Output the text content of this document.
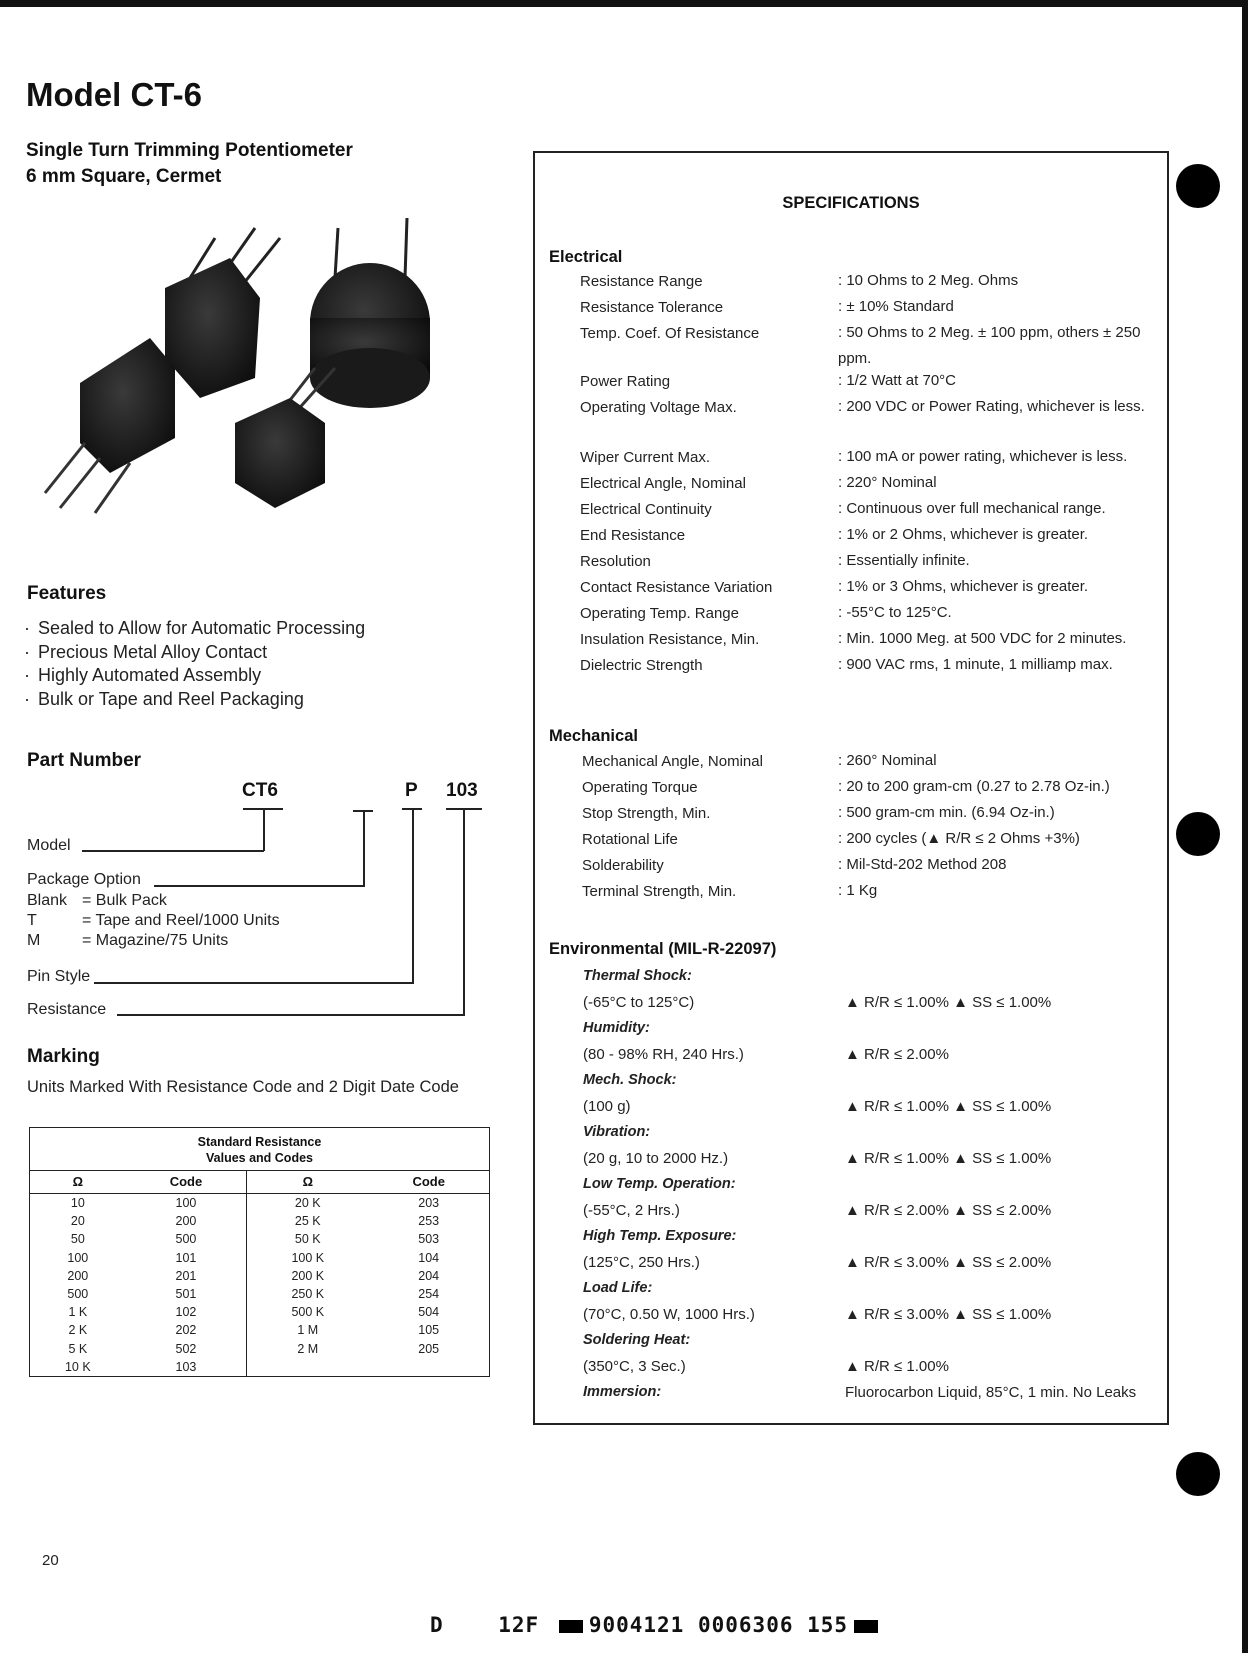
Model CT-6
Single Turn Trimming Potentiometer
6 mm Square, Cermet
Features
· Sealed to Allow for Automatic Processing
· Precious Metal Alloy Contact
· Highly Automated Assembly
· Bulk or Tape and Reel Packaging
Part Number
CT6	P 103
Model
Package Option
Blank = Bulk Pack
T	= Tape and Reel/1000 Units
M	= Magazine/75 Units
Pin Style
Resistance
Marking
Units Marked With Resistance Code and 2 Digit Date Code
Standard Resistance
Values and Codes			

Ω	Code	Ω	Code
10	100	20 K	203
20	200	25 K	253
50	500	50 K	503
100	101	100 K	104
200	201	200 K	204
500	501	250 K	254
1 K	102	500 K	504
2 K	202	1 M	105
5 K	502	2 M	205
10 K	103		
SPECIFICATIONS
Electrical
Resistance Range	: 10 Ohms to 2 Meg. Ohms
Resistance Tolerance	: ± 10% Standard
Temp. Coef. Of Resistance	: 50 Ohms to 2 Meg. ± 100 ppm, others ± 250 ppm.
Power Rating	: 1/2 Watt at 70°C
Operating Voltage Max.	: 200 VDC or Power Rating, whichever is less.
Wiper Current Max.	: 100 mA or power rating, whichever is less.
Electrical Angle, Nominal	: 220° Nominal
Electrical Continuity	: Continuous over full mechanical range.
End Resistance	: 1% or 2 Ohms, whichever is greater.
Resolution	: Essentially infinite.
Contact Resistance Variation	: 1% or 3 Ohms, whichever is greater.
Operating Temp. Range	: -55°C to 125°C.
Insulation Resistance, Min.	: Min. 1000 Meg. at 500 VDC for 2 minutes.
Dielectric Strength	: 900 VAC rms, 1 minute, 1 milliamp max.
Mechanical
Mechanical Angle, Nominal	: 260° Nominal
Operating Torque	: 20 to 200 gram-cm (0.27 to 2.78 Oz-in.)
Stop Strength, Min.	: 500 gram-cm min. (6.94 Oz-in.)
Rotational Life	: 200 cycles (▲ R/R ≤ 2 Ohms +3%)
Solderability	: Mil-Std-202 Method 208
Terminal Strength, Min.	: 1 Kg
Environmental (MIL-R-22097)
Thermal Shock:
(-65°C to 125°C)	▲ R/R ≤ 1.00% ▲ SS ≤ 1.00%
Humidity:
(80 - 98% RH, 240 Hrs.)	▲ R/R ≤ 2.00%
Mech. Shock:
(100 g)	▲ R/R ≤ 1.00% ▲ SS ≤ 1.00%
Vibration:
(20 g, 10 to 2000 Hz.)	▲ R/R ≤ 1.00% ▲ SS ≤ 1.00%
Low Temp. Operation:
(-55°C, 2 Hrs.)	▲ R/R ≤ 2.00% ▲ SS ≤ 2.00%
High Temp. Exposure:
(125°C, 250 Hrs.)	▲ R/R ≤ 3.00% ▲ SS ≤ 2.00%
Load Life:
(70°C, 0.50 W, 1000 Hrs.)	▲ R/R ≤ 3.00% ▲ SS ≤ 1.00%
Soldering Heat:
(350°C, 3 Sec.)	▲ R/R ≤ 1.00%
Immersion:	Fluorocarbon Liquid, 85°C, 1 min. No Leaks
20
D	12F 9004121 0006306 155
